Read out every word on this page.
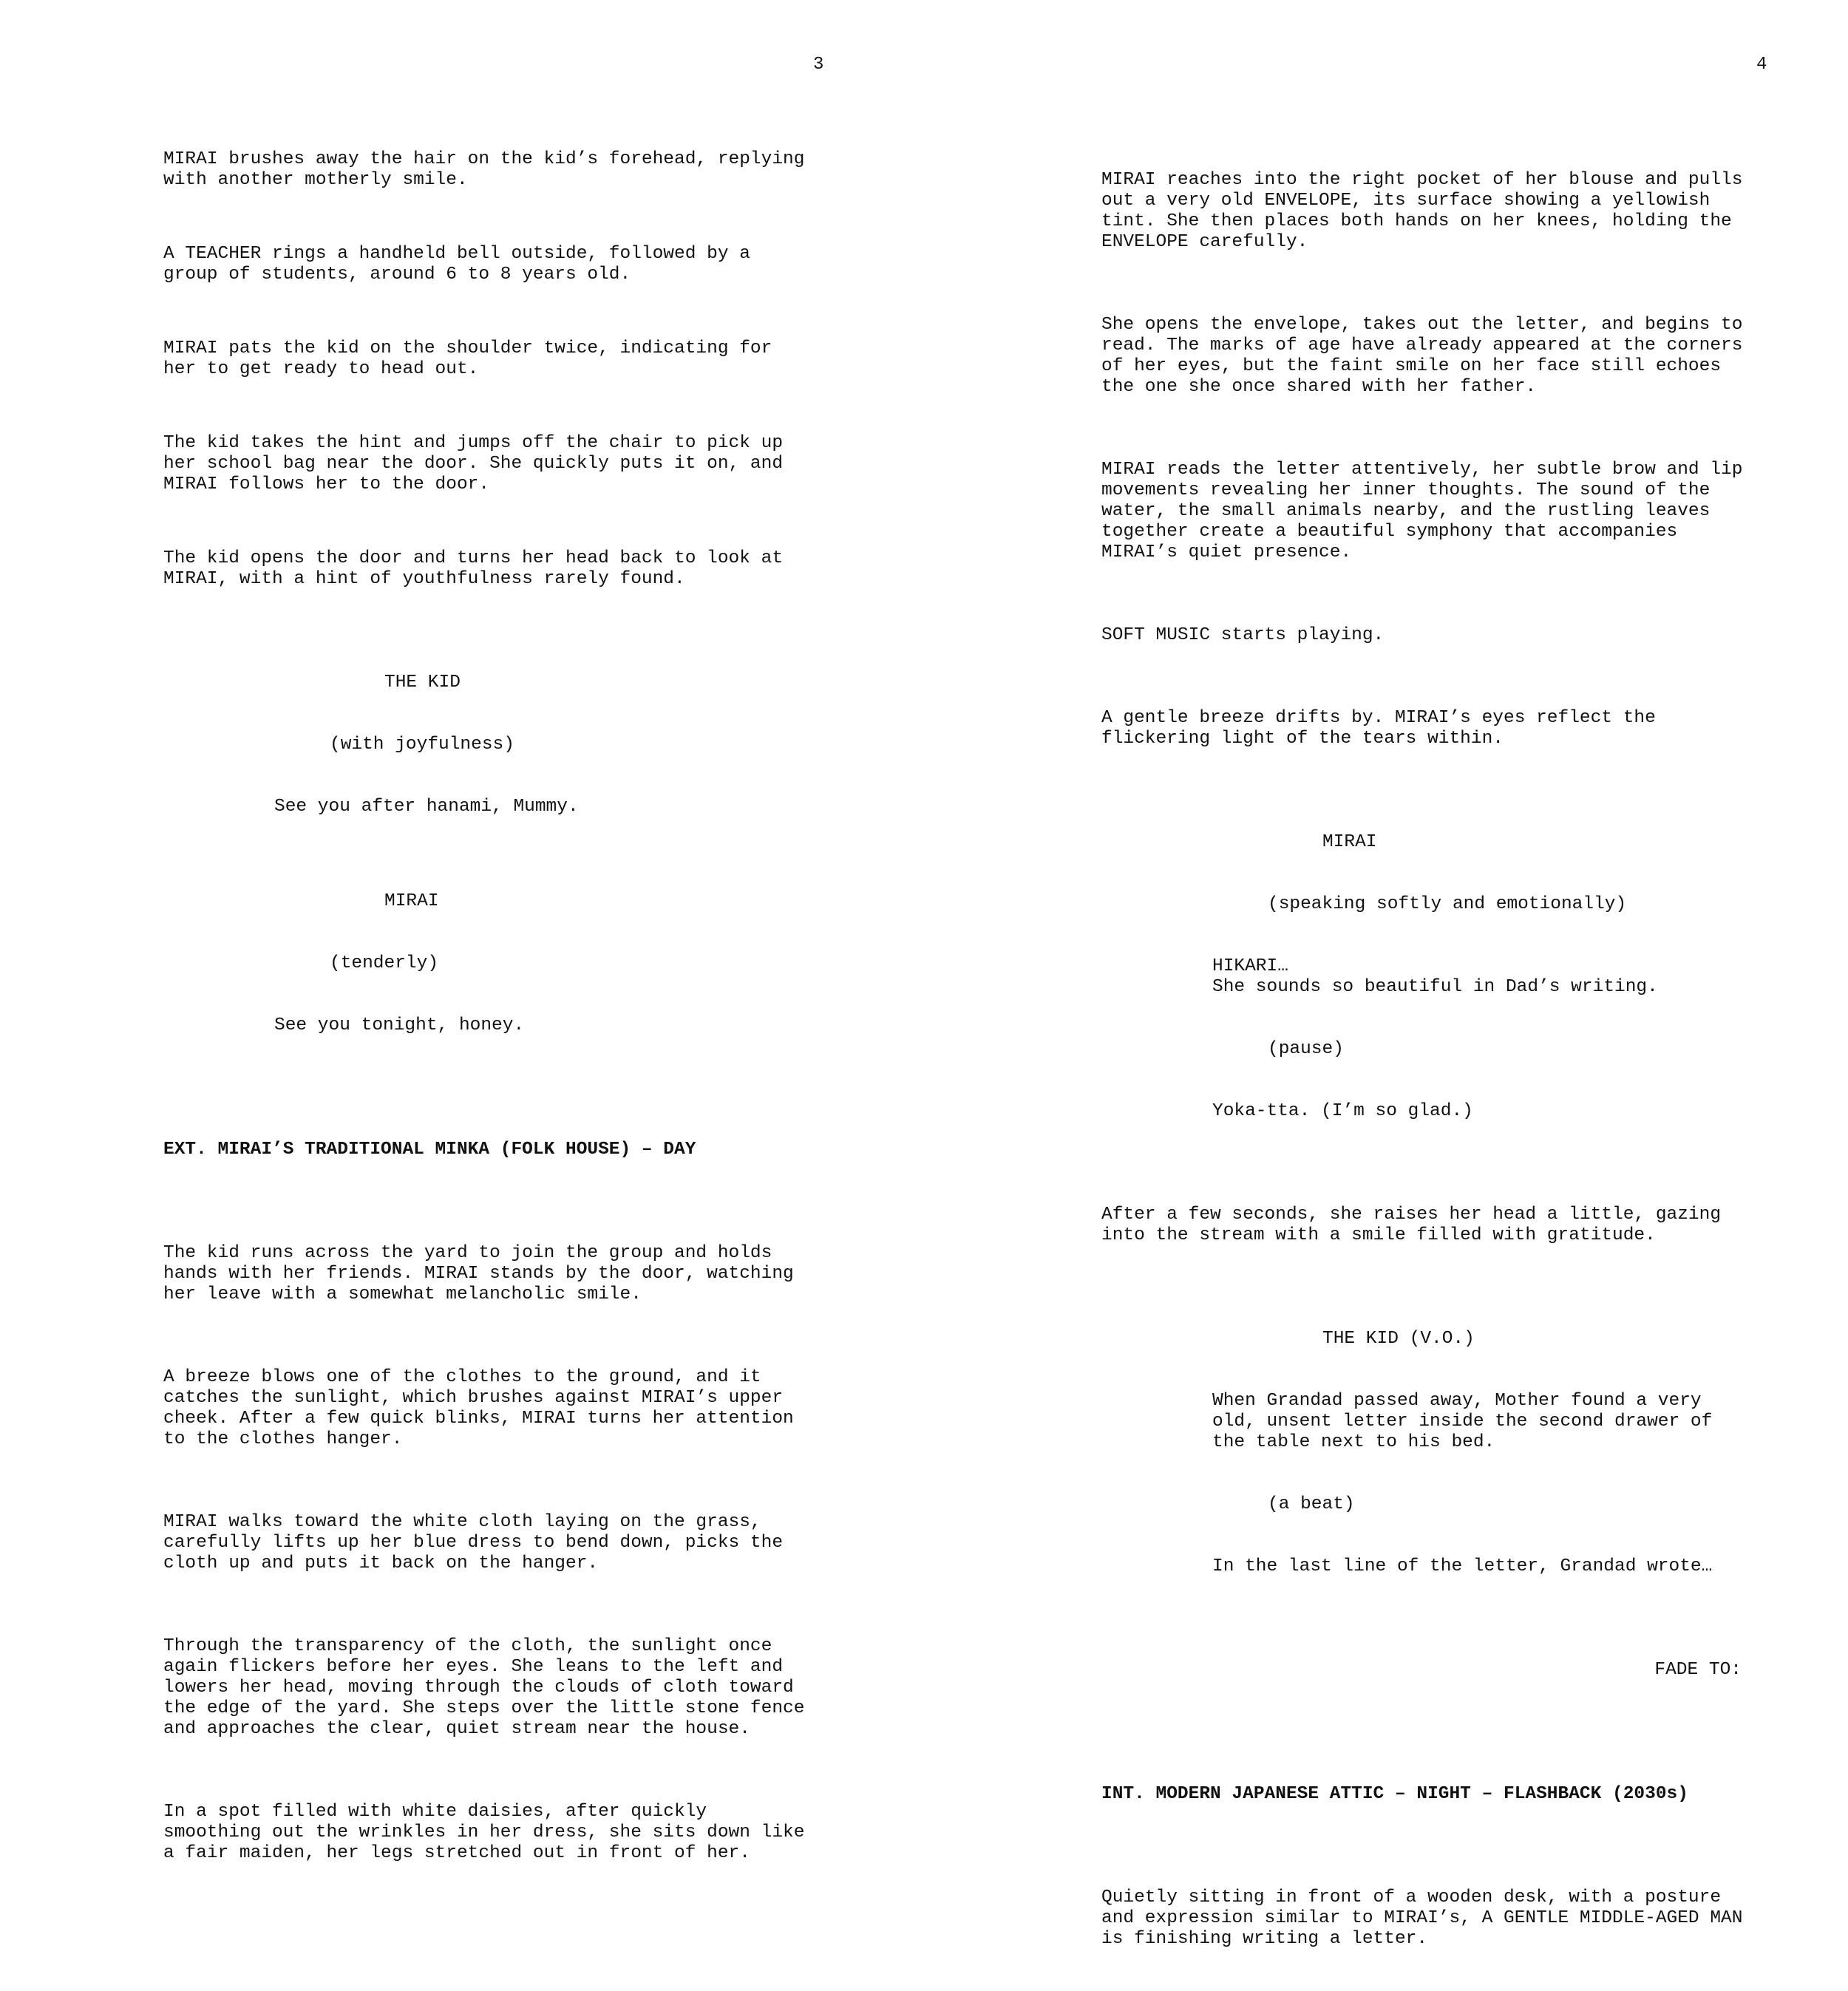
3

MIRAI brushes away the hair on the kid’s forehead, replying
with another motherly smile.

A TEACHER rings a handheld bell outside, followed by a
group of students, around 6 to 8 years old.

MIRAI pats the kid on the shoulder twice, indicating for
her to get ready to head out.

The kid takes the hint and jumps off the chair to pick up
her school bag near the door. She quickly puts it on, and
MIRAI follows her to the door.

The kid opens the door and turns her head back to look at
MIRAI, with a hint of youthfulness rarely found.

THE KID

(with joyfulness)

See you after hanami, Mummy.

MIRAI

(tenderly)

See you tonight, honey.

EXT. MIRAI’S TRADITIONAL MINKA (FOLK HOUSE) – DAY

The kid runs across the yard to join the group and holds
hands with her friends. MIRAI stands by the door, watching
her leave with a somewhat melancholic smile.

A breeze blows one of the clothes to the ground, and it
catches the sunlight, which brushes against MIRAI’s upper
cheek. After a few quick blinks, MIRAI turns her attention
to the clothes hanger.

MIRAI walks toward the white cloth laying on the grass,
carefully lifts up her blue dress to bend down, picks the
cloth up and puts it back on the hanger.

Through the transparency of the cloth, the sunlight once
again flickers before her eyes. She leans to the left and
lowers her head, moving through the clouds of cloth toward
the edge of the yard. She steps over the little stone fence
and approaches the clear, quiet stream near the house.

In a spot filled with white daisies, after quickly
smoothing out the wrinkles in her dress, she sits down like
a fair maiden, her legs stretched out in front of her.

4

MIRAI reaches into the right pocket of her blouse and pulls
out a very old ENVELOPE, its surface showing a yellowish
tint. She then places both hands on her knees, holding the
ENVELOPE carefully.

She opens the envelope, takes out the letter, and begins to
read. The marks of age have already appeared at the corners
of her eyes, but the faint smile on her face still echoes
the one she once shared with her father.

MIRAI reads the letter attentively, her subtle brow and lip
movements revealing her inner thoughts. The sound of the
water, the small animals nearby, and the rustling leaves
together create a beautiful symphony that accompanies
MIRAI’s quiet presence.

SOFT MUSIC starts playing.

A gentle breeze drifts by. MIRAI’s eyes reflect the
flickering light of the tears within.

MIRAI

(speaking softly and emotionally)

HIKARI…
She sounds so beautiful in Dad’s writing.

(pause)

Yoka-tta. (I’m so glad.)

After a few seconds, she raises her head a little, gazing
into the stream with a smile filled with gratitude.

THE KID (V.O.)

When Grandad passed away, Mother found a very
old, unsent letter inside the second drawer of
the table next to his bed.

(a beat)

In the last line of the letter, Grandad wrote…

FADE TO:

INT. MODERN JAPANESE ATTIC – NIGHT – FLASHBACK (2030s)

Quietly sitting in front of a wooden desk, with a posture
and expression similar to MIRAI’s, A GENTLE MIDDLE-AGED MAN
is finishing writing a letter.
